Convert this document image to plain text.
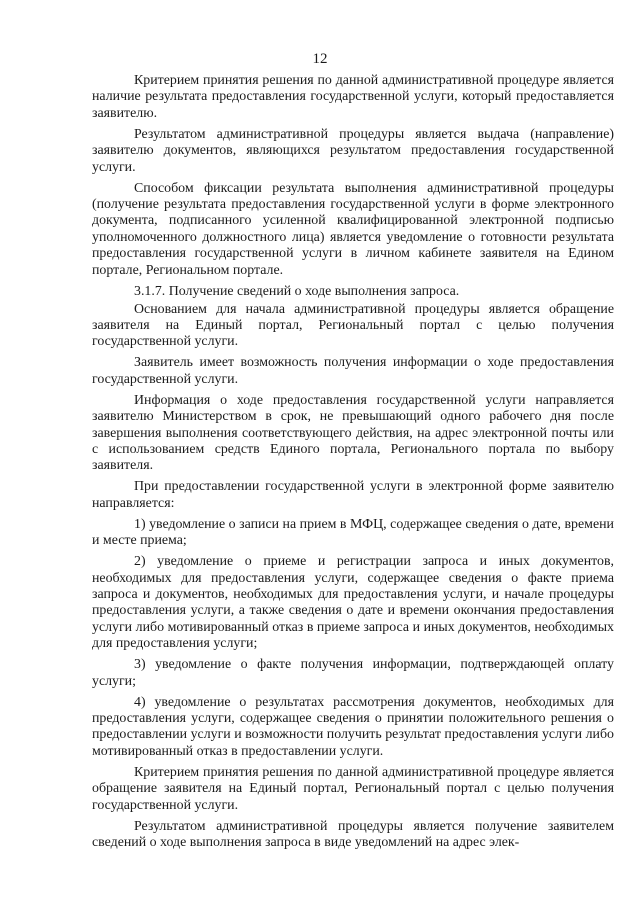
12

Критерием принятия решения по данной административной процедуре является наличие результата предоставления государственной услуги, который предоставляется заявителю.

Результатом административной процедуры является выдача (направление) заявителю документов, являющихся результатом предоставления государственной услуги.

Способом фиксации результата выполнения административной процедуры (получение результата предоставления государственной услуги в форме электронного документа, подписанного усиленной квалифицированной электронной подписью уполномоченного должностного лица) является уведомление о готовности результата предоставления государственной услуги в личном кабинете заявителя на Едином портале, Региональном портале.

3.1.7. Получение сведений о ходе выполнения запроса.

Основанием для начала административной процедуры является обращение заявителя на Единый портал, Региональный портал с целью получения государственной услуги.

Заявитель имеет возможность получения информации о ходе предоставления государственной услуги.

Информация о ходе предоставления государственной услуги направляется заявителю Министерством в срок, не превышающий одного рабочего дня после завершения выполнения соответствующего действия, на адрес электронной почты или с использованием средств Единого портала, Регионального портала по выбору заявителя.

При предоставлении государственной услуги в электронной форме заявителю направляется:

1) уведомление о записи на прием в МФЦ, содержащее сведения о дате, времени и месте приема;

2) уведомление о приеме и регистрации запроса и иных документов, необходимых для предоставления услуги, содержащее сведения о факте приема запроса и документов, необходимых для предоставления услуги, и начале процедуры предоставления услуги, а также сведения о дате и времени окончания предоставления услуги либо мотивированный отказ в приеме запроса и иных документов, необходимых для предоставления услуги;

3) уведомление о факте получения информации, подтверждающей оплату услуги;

4) уведомление о результатах рассмотрения документов, необходимых для предоставления услуги, содержащее сведения о принятии положительного решения о предоставлении услуги и возможности получить результат предоставления услуги либо мотивированный отказ в предоставлении услуги.

Критерием принятия решения по данной административной процедуре является обращение заявителя на Единый портал, Региональный портал с целью получения государственной услуги.

Результатом административной процедуры является получение заявителем сведений о ходе выполнения запроса в виде уведомлений на адрес элек-
